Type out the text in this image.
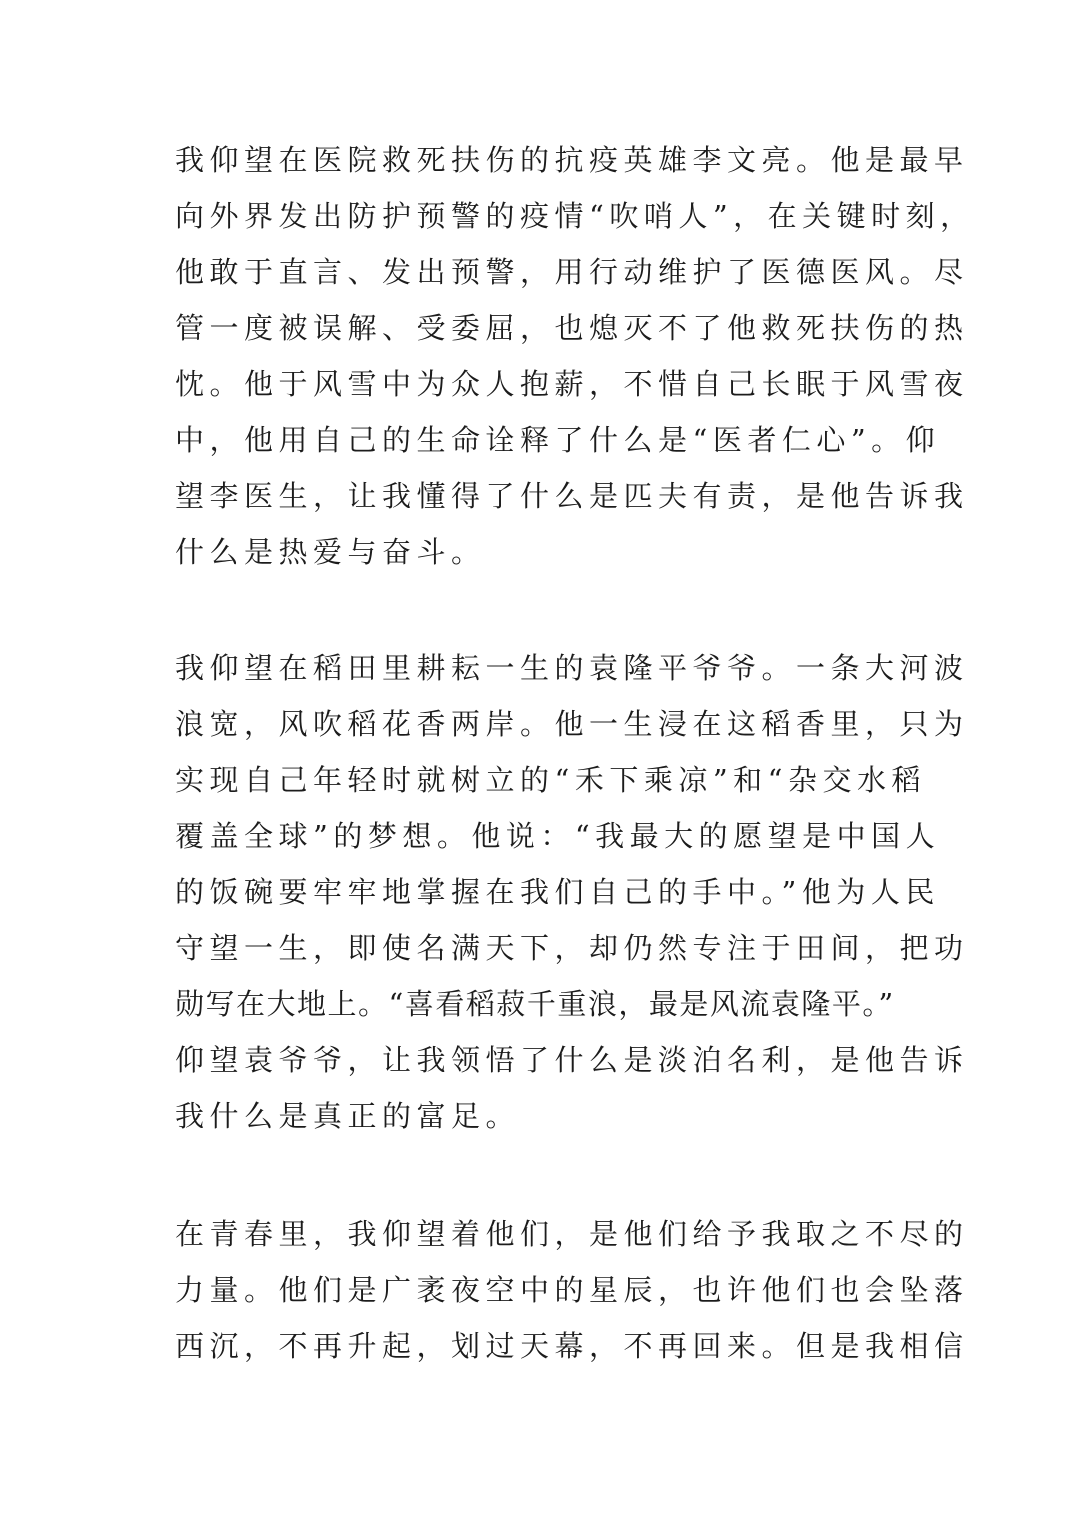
我仰望在医院救死扶伤的抗疫英雄李文亮。他是最早
向外界发出防护预警的疫情“吹哨人”，在关键时刻，
他敢于直言、发出预警，用行动维护了医德医风。尽
管一度被误解、受委屈，也熄灭不了他救死扶伤的热
忱。他于风雪中为众人抱薪，不惜自己长眠于风雪夜
中，他用自己的生命诠释了什么是“医者仁心”。仰
望李医生，让我懂得了什么是匹夫有责，是他告诉我
什么是热爱与奋斗。
我仰望在稻田里耕耘一生的袁隆平爷爷。一条大河波
浪宽，风吹稻花香两岸。他一生浸在这稻香里，只为
实现自己年轻时就树立的“禾下乘凉”和“杂交水稻
覆盖全球”的梦想。他说：“我最大的愿望是中国人
的饭碗要牢牢地掌握在我们自己的手中。”他为人民
守望一生，即使名满天下，却仍然专注于田间，把功
勋写在大地上。“喜看稻菽千重浪，最是风流袁隆平。”
仰望袁爷爷，让我领悟了什么是淡泊名利，是他告诉
我什么是真正的富足。
在青春里，我仰望着他们，是他们给予我取之不尽的
力量。他们是广袤夜空中的星辰，也许他们也会坠落
西沉，不再升起，划过天幕，不再回来。但是我相信
